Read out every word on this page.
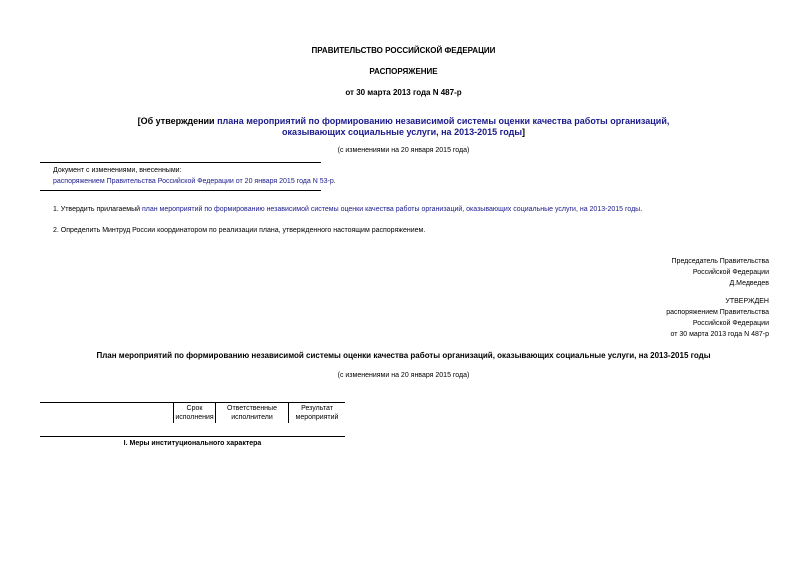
ПРАВИТЕЛЬСТВО РОССИЙСКОЙ ФЕДЕРАЦИИ
РАСПОРЯЖЕНИЕ
от 30 марта 2013 года N 487-р
[Об утверждении плана мероприятий по формированию независимой системы оценки качества работы организаций,
оказывающих социальные услуги, на 2013-2015 годы]
(с изменениями на 20 января 2015 года)
Документ с изменениями, внесенными:
распоряжением Правительства Российской Федерации от 20 января 2015 года N 53-р.
1. Утвердить прилагаемый план мероприятий по формированию независимой системы оценки качества работы организаций, оказывающих социальные услуги, на 2013-2015 годы.
2. Определить Минтруд России координатором по реализации плана, утвержденного настоящим распоряжением.
Председатель Правительства
Российской Федерации
Д.Медведев
УТВЕРЖДЕН
распоряжением Правительства
Российской Федерации
от 30 марта 2013 года N 487-р
План мероприятий по формированию независимой системы оценки качества работы организаций, оказывающих социальные услуги, на 2013-2015 годы
(с изменениями на 20 января 2015 года)
Срок
исполнения
Ответственные
исполнители
Результат
мероприятий
I. Меры институционального характера
